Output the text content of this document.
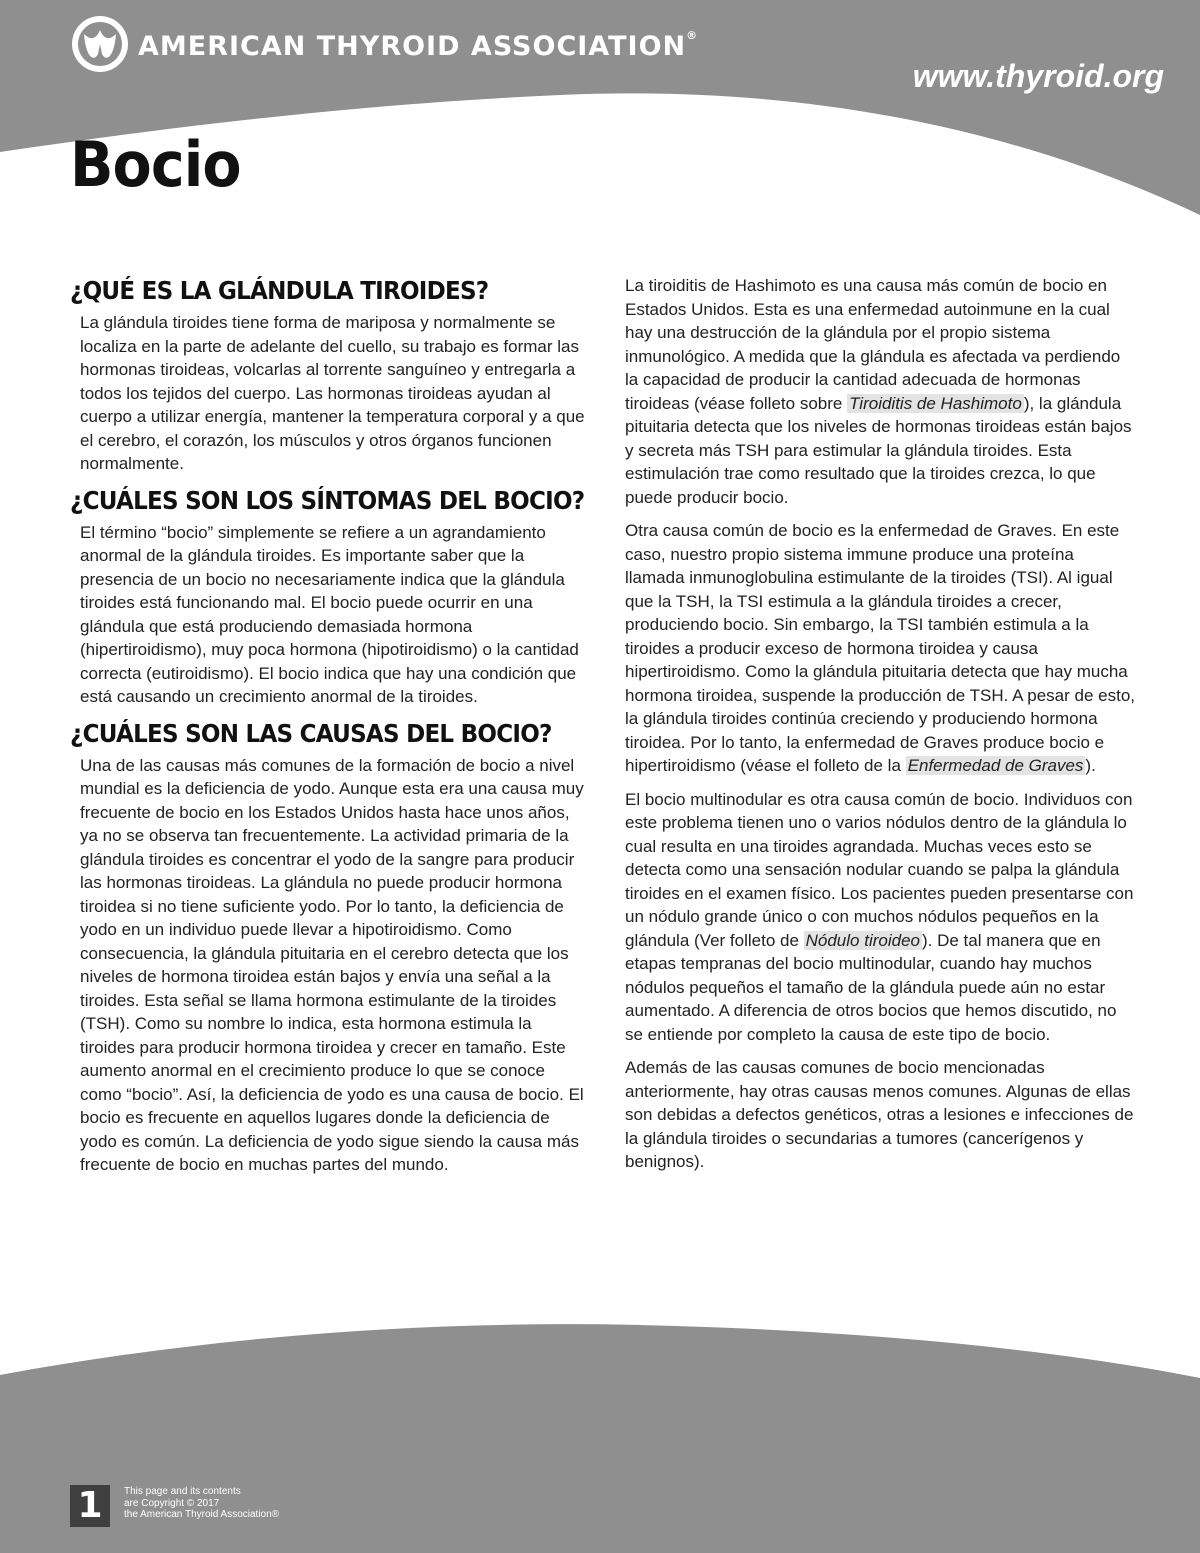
AMERICAN THYROID ASSOCIATION®
www.thyroid.org
Bocio
¿QUÉ ES LA GLÁNDULA TIROIDES?

La glándula tiroides tiene forma de mariposa y normalmente se localiza en la parte de adelante del cuello, su trabajo es formar las hormonas tiroideas, volcarlas al torrente sanguíneo y entregarla a todos los tejidos del cuerpo. Las hormonas tiroideas ayudan al cuerpo a utilizar energía, mantener la temperatura corporal y a que el cerebro, el corazón, los músculos y otros órganos funcionen normalmente.

¿CUÁLES SON LOS SÍNTOMAS DEL BOCIO?

El término “bocio” simplemente se refiere a un agrandamiento anormal de la glándula tiroides. Es importante saber que la presencia de un bocio no necesariamente indica que la glándula tiroides está funcionando mal. El bocio puede ocurrir en una glándula que está produciendo demasiada hormona (hipertiroidismo), muy poca hormona (hipotiroidismo) o la cantidad correcta (eutiroidismo). El bocio indica que hay una condición que está causando un crecimiento anormal de la tiroides.

¿CUÁLES SON LAS CAUSAS DEL BOCIO?

Una de las causas más comunes de la formación de bocio a nivel mundial es la deficiencia de yodo. Aunque esta era una causa muy frecuente de bocio en los Estados Unidos hasta hace unos años, ya no se observa tan frecuentemente. La actividad primaria de la glándula tiroides es concentrar el yodo de la sangre para producir las hormonas tiroideas. La glándula no puede producir hormona tiroidea si no tiene suficiente yodo. Por lo tanto, la deficiencia de yodo en un individuo puede llevar a hipotiroidismo. Como consecuencia, la glándula pituitaria en el cerebro detecta que los niveles de hormona tiroidea están bajos y envía una señal a la tiroides. Esta señal se llama hormona estimulante de la tiroides (TSH). Como su nombre lo indica, esta hormona estimula la tiroides para producir hormona tiroidea y crecer en tamaño. Este aumento anormal en el crecimiento produce lo que se conoce como “bocio”. Así, la deficiencia de yodo es una causa de bocio. El bocio es frecuente en aquellos lugares donde la deficiencia de yodo es común. La deficiencia de yodo sigue siendo la causa más frecuente de bocio en muchas partes del mundo.

La tiroiditis de Hashimoto es una causa más común de bocio en Estados Unidos. Esta es una enfermedad autoinmune en la cual hay una destrucción de la glándula por el propio sistema inmunológico. A medida que la glándula es afectada va perdiendo la capacidad de producir la cantidad adecuada de hormonas tiroideas (véase folleto sobre Tiroiditis de Hashimoto ), la glándula pituitaria detecta que los niveles de hormonas tiroideas están bajos y secreta más TSH para estimular la glándula tiroides. Esta estimulación trae como resultado que la tiroides crezca, lo que puede producir bocio.

Otra causa común de bocio es la enfermedad de Graves. En este caso, nuestro propio sistema immune produce una proteína llamada inmunoglobulina estimulante de la tiroides (TSI). Al igual que la TSH, la TSI estimula a la glándula tiroides a crecer, produciendo bocio. Sin embargo, la TSI también estimula a la tiroides a producir exceso de hormona tiroidea y causa hipertiroidismo. Como la glándula pituitaria detecta que hay mucha hormona tiroidea, suspende la producción de TSH. A pesar de esto, la glándula tiroides continúa creciendo y produciendo hormona tiroidea. Por lo tanto, la enfermedad de Graves produce bocio e hipertiroidismo (véase el folleto de la Enfermedad de Graves ).

El bocio multinodular es otra causa común de bocio. Individuos con este problema tienen uno o varios nódulos dentro de la glándula lo cual resulta en una tiroides agrandada. Muchas veces esto se detecta como una sensación nodular cuando se palpa la glándula tiroides en el examen físico. Los pacientes pueden presentarse con un nódulo grande único o con muchos nódulos pequeños en la glándula (Ver folleto de Nódulo tiroideo ). De tal manera que en etapas tempranas del bocio multinodular, cuando hay muchos nódulos pequeños el tamaño de la glándula puede aún no estar aumentado. A diferencia de otros bocios que hemos discutido, no se entiende por completo la causa de este tipo de bocio.

Además de las causas comunes de bocio mencionadas anteriormente, hay otras causas menos comunes. Algunas de ellas son debidas a defectos genéticos, otras a lesiones e infecciones de la glándula tiroides o secundarias a tumores (cancerígenos y benignos).

1	This page and its contents
are Copyright © 2017
the American Thyroid Association®
